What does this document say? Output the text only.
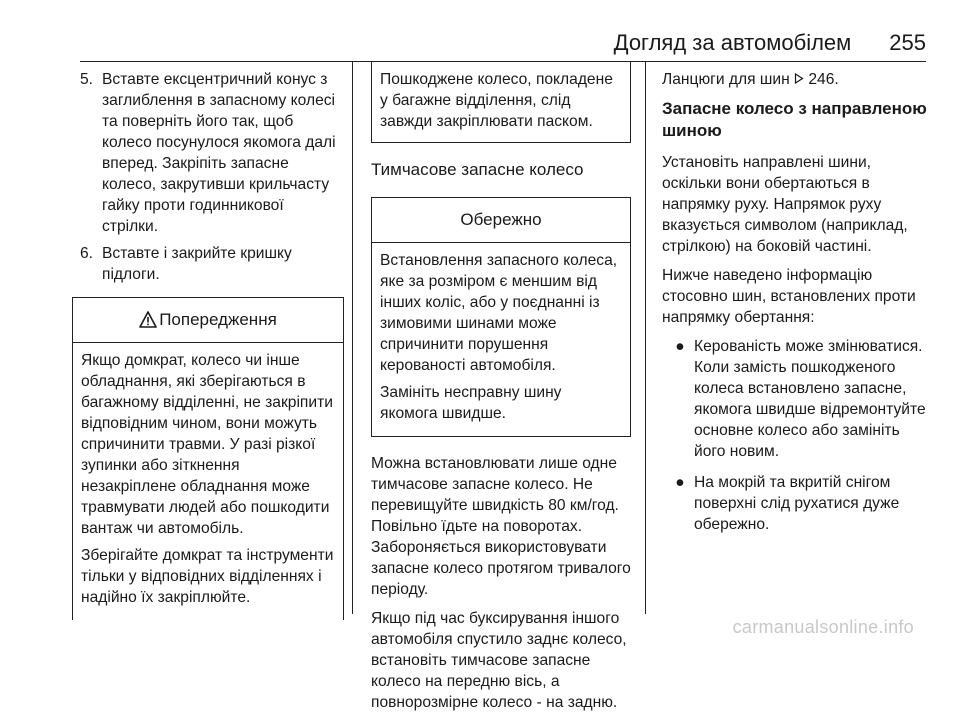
Догляд за автомобілем 255
5. Вставте ексцентричний конус з заглиблення в запасному колесі та поверніть його так, щоб колесо посунулося якомога далі вперед. Закріпіть запасне колесо, закрутивши крильчасту гайку проти годинникової стрілки.
6. Вставте і закрийте кришку підлоги.
Попередження

Якщо домкрат, колесо чи інше обладнання, які зберігаються в багажному відділенні, не закріпити відповідним чином, вони можуть спричинити травми. У разі різкої зупинки або зіткнення незакріплене обладнання може травмувати людей або пошкодити вантаж чи автомобіль.

Зберігайте домкрат та інструменти тільки у відповідних відділеннях і надійно їх закріплюйте.

Пошкоджене колесо, покладене у багажне відділення, слід завжди закріплювати паском.

Тимчасове запасне колесо
Обережно

Встановлення запасного колеса, яке за розміром є меншим від інших коліс, або у поєднанні із зимовими шинами може спричинити порушення керованості автомобіля.

Замініть несправну шину якомога швидше.

Можна встановлювати лише одне тимчасове запасне колесо. Не перевищуйте швидкість 80 км/год. Повільно їдьте на поворотах. Забороняється використовувати запасне колесо протягом тривалого періоду.

Якщо під час буксирування іншого автомобіля спустило заднє колесо, встановіть тимчасове запасне колесо на передню вісь, а повнорозмірне колесо - на задню.

Ланцюги для шин 246.

Запасне колесо з направленою шиною

Установіть направлені шини, оскільки вони обертаються в напрямку руху. Напрямок руху вказується символом (наприклад, стрілкою) на боковій частині.

Нижче наведено інформацію стосовно шин, встановлених проти напрямку обертання:

● Керованість може змінюватися. Коли замість пошкодженого колеса встановлено запасне, якомога швидше відремонтуйте основне колесо або замініть його новим.
● На мокрій та вкритій снігом поверхні слід рухатися дуже обережно.
carmanualsonline.info
